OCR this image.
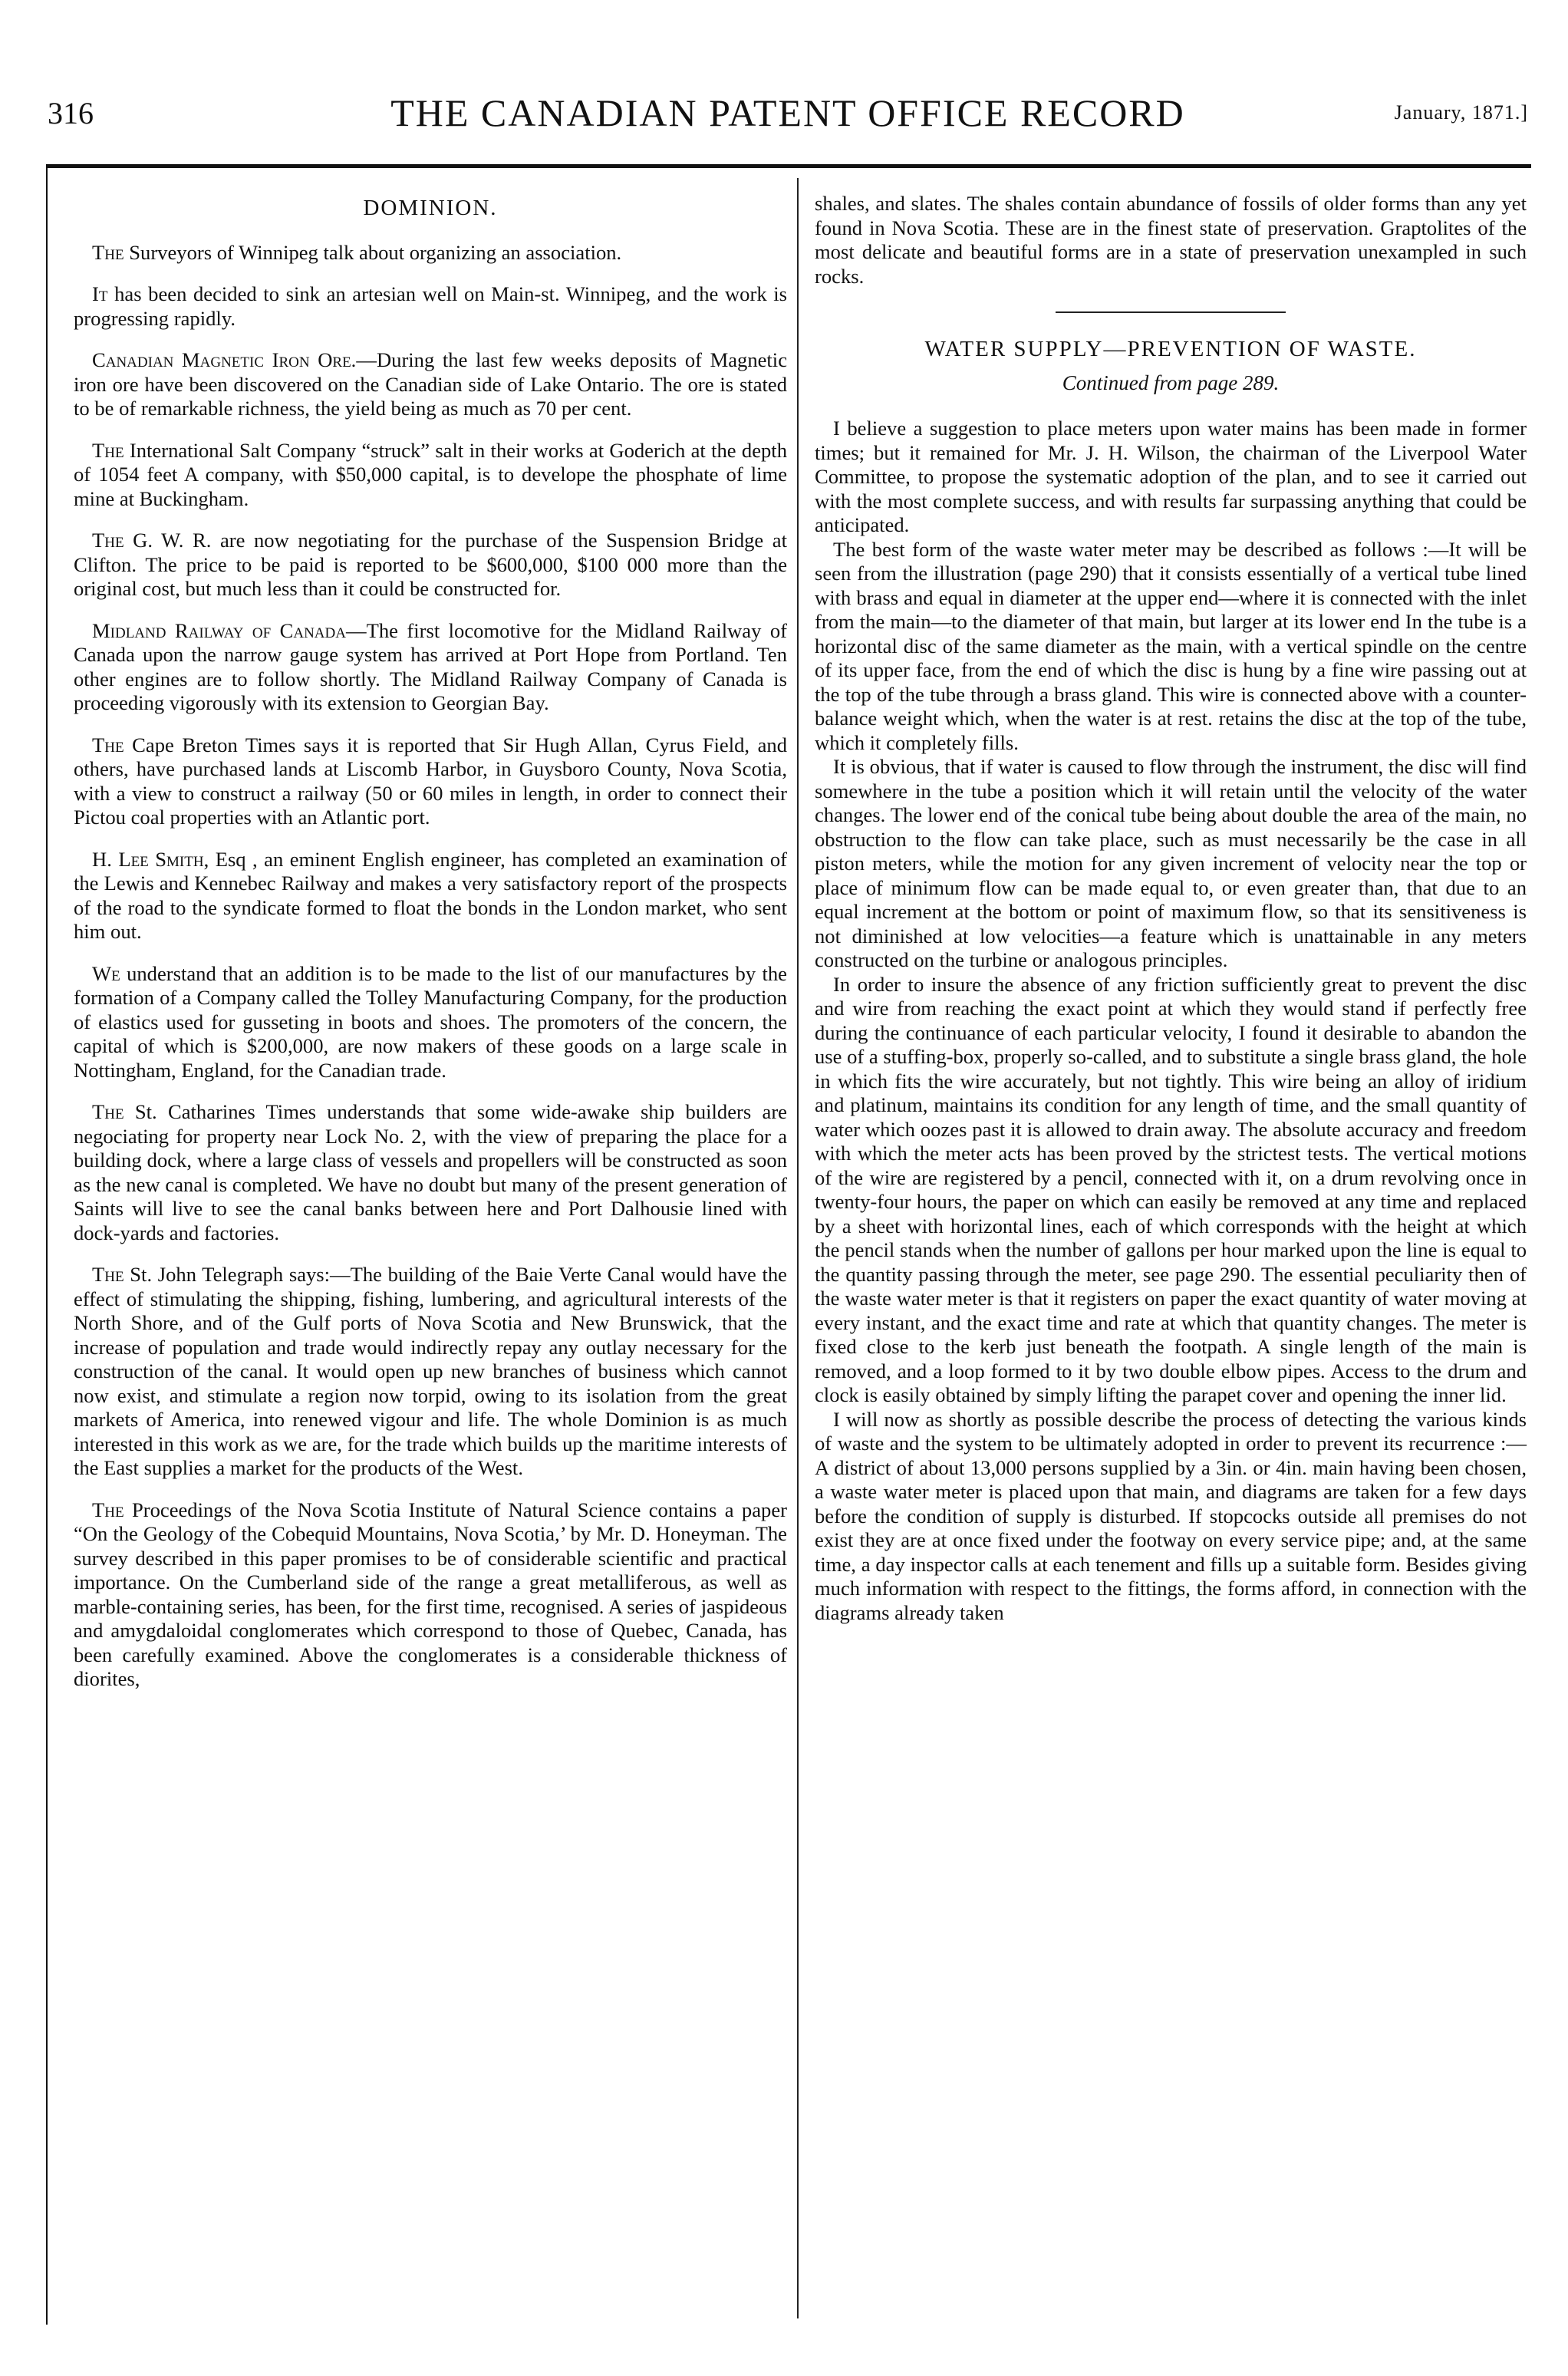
316	THE CANADIAN PATENT OFFICE RECORD	January, 1871.]
DOMINION.

The Surveyors of Winnipeg talk about organizing an association.

It has been decided to sink an artesian well on Main-st. Winnipeg, and the work is progressing rapidly.

Canadian Magnetic Iron Ore.—During the last few weeks deposits of Magnetic iron ore have been discovered on the Canadian side of Lake Ontario. The ore is stated to be of remarkable richness, the yield being as much as 70 per cent.

The International Salt Company “struck” salt in their works at Goderich at the depth of 1054 feet A company, with $50,000 capital, is to develope the phosphate of lime mine at Buckingham.

The G. W. R. are now negotiating for the purchase of the Suspension Bridge at Clifton. The price to be paid is reported to be $600,000, $100 000 more than the original cost, but much less than it could be constructed for.

Midland Railway of Canada—The first locomotive for the Midland Railway of Canada upon the narrow gauge system has arrived at Port Hope from Portland. Ten other engines are to follow shortly. The Midland Railway Company of Canada is proceeding vigorously with its extension to Georgian Bay.

The Cape Breton Times says it is reported that Sir Hugh Allan, Cyrus Field, and others, have purchased lands at Liscomb Harbor, in Guysboro County, Nova Scotia, with a view to construct a railway (50 or 60 miles in length, in order to connect their Pictou coal properties with an Atlantic port.

H. Lee Smith, Esq , an eminent English engineer, has completed an examination of the Lewis and Kennebec Railway and makes a very satisfactory report of the prospects of the road to the syndicate formed to float the bonds in the London market, who sent him out.

We understand that an addition is to be made to the list of our manufactures by the formation of a Company called the Tolley Manufacturing Company, for the production of elastics used for gusseting in boots and shoes. The promoters of the concern, the capital of which is $200,000, are now makers of these goods on a large scale in Nottingham, England, for the Canadian trade.

The St. Catharines Times understands that some wide-awake ship builders are negociating for property near Lock No. 2, with the view of preparing the place for a building dock, where a large class of vessels and propellers will be constructed as soon as the new canal is completed. We have no doubt but many of the present generation of Saints will live to see the canal banks between here and Port Dalhousie lined with dock-yards and factories.

The St. John Telegraph says:—The building of the Baie Verte Canal would have the effect of stimulating the shipping, fishing, lumbering, and agricultural interests of the North Shore, and of the Gulf ports of Nova Scotia and New Brunswick, that the increase of population and trade would indirectly repay any outlay necessary for the construction of the canal. It would open up new branches of business which cannot now exist, and stimulate a region now torpid, owing to its isolation from the great markets of America, into renewed vigour and life. The whole Dominion is as much interested in this work as we are, for the trade which builds up the maritime interests of the East supplies a market for the products of the West.

The Proceedings of the Nova Scotia Institute of Natural Science contains a paper “On the Geology of the Cobequid Mountains, Nova Scotia,’ by Mr. D. Honeyman. The survey described in this paper promises to be of considerable scientific and practical importance. On the Cumberland side of the range a great metalliferous, as well as marble-containing series, has been, for the first time, recognised. A series of jaspideous and amygdaloidal conglomerates which correspond to those of Quebec, Canada, has been carefully examined. Above the conglomerates is a considerable thickness of diorites,

shales, and slates. The shales contain abundance of fossils of older forms than any yet found in Nova Scotia. These are in the finest state of preservation. Graptolites of the most delicate and beautiful forms are in a state of preservation unexampled in such rocks.

WATER SUPPLY—PREVENTION OF WASTE.
Continued from page 289.

I believe a suggestion to place meters upon water mains has been made in former times; but it remained for Mr. J. H. Wilson, the chairman of the Liverpool Water Committee, to propose the systematic adoption of the plan, and to see it carried out with the most complete success, and with results far surpassing anything that could be anticipated.

The best form of the waste water meter may be described as follows :—It will be seen from the illustration (page 290) that it consists essentially of a vertical tube lined with brass and equal in diameter at the upper end—where it is connected with the inlet from the main—to the diameter of that main, but larger at its lower end In the tube is a horizontal disc of the same diameter as the main, with a vertical spindle on the centre of its upper face, from the end of which the disc is hung by a fine wire passing out at the top of the tube through a brass gland. This wire is connected above with a counter-balance weight which, when the water is at rest. retains the disc at the top of the tube, which it completely fills.

It is obvious, that if water is caused to flow through the instrument, the disc will find somewhere in the tube a position which it will retain until the velocity of the water changes. The lower end of the conical tube being about double the area of the main, no obstruction to the flow can take place, such as must necessarily be the case in all piston meters, while the motion for any given increment of velocity near the top or place of minimum flow can be made equal to, or even greater than, that due to an equal increment at the bottom or point of maximum flow, so that its sensitiveness is not diminished at low velocities—a feature which is unattainable in any meters constructed on the turbine or analogous principles.

In order to insure the absence of any friction sufficiently great to prevent the disc and wire from reaching the exact point at which they would stand if perfectly free during the continuance of each particular velocity, I found it desirable to abandon the use of a stuffing-box, properly so-called, and to substitute a single brass gland, the hole in which fits the wire accurately, but not tightly. This wire being an alloy of iridium and platinum, maintains its condition for any length of time, and the small quantity of water which oozes past it is allowed to drain away. The absolute accuracy and freedom with which the meter acts has been proved by the strictest tests. The vertical motions of the wire are registered by a pencil, connected with it, on a drum revolving once in twenty-four hours, the paper on which can easily be removed at any time and replaced by a sheet with horizontal lines, each of which corresponds with the height at which the pencil stands when the number of gallons per hour marked upon the line is equal to the quantity passing through the meter, see page 290. The essential peculiarity then of the waste water meter is that it registers on paper the exact quantity of water moving at every instant, and the exact time and rate at which that quantity changes. The meter is fixed close to the kerb just beneath the footpath. A single length of the main is removed, and a loop formed to it by two double elbow pipes. Access to the drum and clock is easily obtained by simply lifting the parapet cover and opening the inner lid.

I will now as shortly as possible describe the process of detecting the various kinds of waste and the system to be ultimately adopted in order to prevent its recurrence :—A district of about 13,000 persons supplied by a 3in. or 4in. main having been chosen, a waste water meter is placed upon that main, and diagrams are taken for a few days before the condition of supply is disturbed. If stopcocks outside all premises do not exist they are at once fixed under the footway on every service pipe; and, at the same time, a day inspector calls at each tenement and fills up a suitable form. Besides giving much information with respect to the fittings, the forms afford, in connection with the diagrams already taken
